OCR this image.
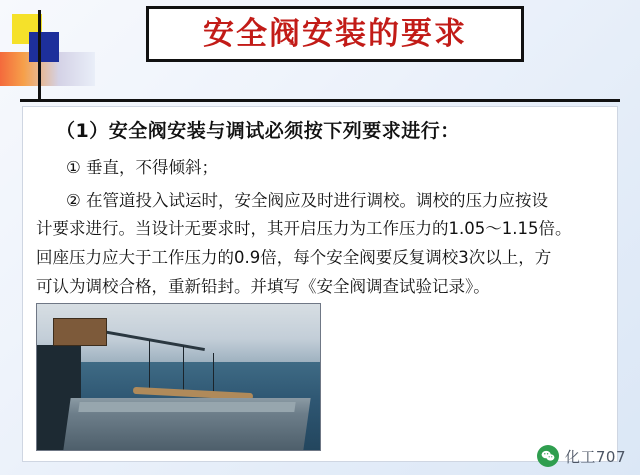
安全阀安装的要求

（1）安全阀安装与调试必须按下列要求进行：

① 垂直，不得倾斜；

② 在管道投入试运时，安全阀应及时进行调校。调校的压力应按设

计要求进行。当设计无要求时，其开启压力为工作压力的1.05～1.15倍。

回座压力应大于工作压力的0.9倍，每个安全阀要反复调校3次以上，方

可认为调校合格，重新铅封。并填写《安全阀调查试验记录》。

化工707
